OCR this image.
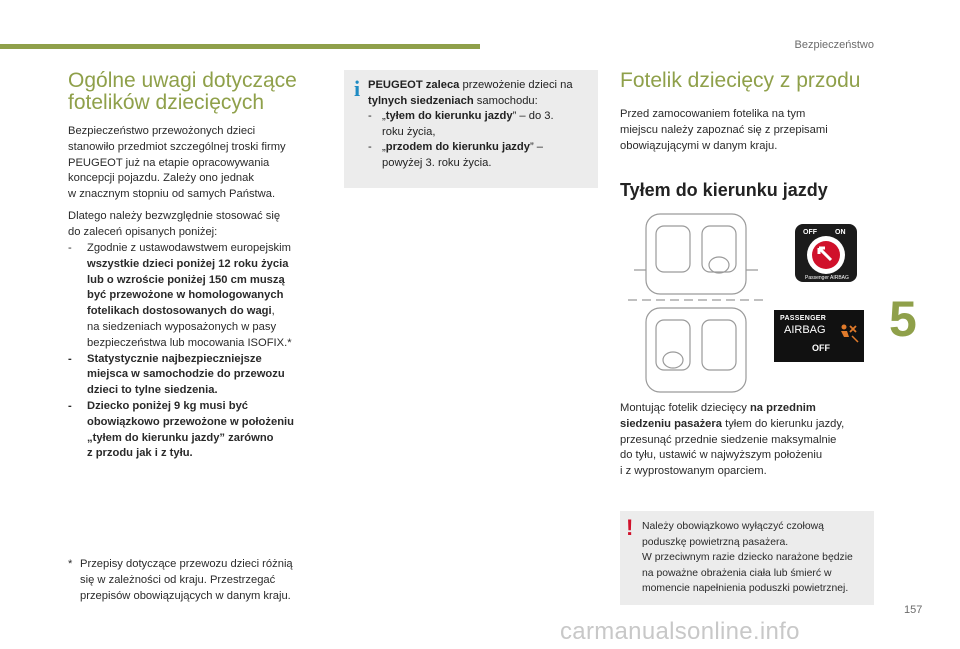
Bezpieczeństwo
5
157
carmanualsonline.info
Ogólne uwagi dotyczące
fotelików dziecięcych

Bezpieczeństwo przewożonych dzieci
stanowiło przedmiot szczególnej troski firmy
PEUGEOT już na etapie opracowywania
koncepcji pojazdu. Zależy ono jednak
w znacznym stopniu od samych Państwa.

Dlatego należy bezwzględnie stosować się
do zaleceń opisanych poniżej:

- Zgodnie z ustawodawstwem europejskim
wszystkie dzieci poniżej 12 roku życia
lub o wzroście poniżej 150 cm muszą
być przewożone w homologowanych
fotelikach dostosowanych do wagi,
na siedzeniach wyposażonych w pasy
bezpieczeństwa lub mocowania ISOFIX.*
- Statystycznie najbezpieczniejsze
miejsca w samochodzie do przewozu
dzieci to tylne siedzenia.
- Dziecko poniżej 9 kg musi być
obowiązkowo przewożone w położeniu
„tyłem do kierunku jazdy” zarówno
z przodu jak i z tyłu.
* Przepisy dotyczące przewozu dzieci różnią
się w zależności od kraju. Przestrzegać
przepisów obowiązujących w danym kraju.
i PEUGEOT zaleca przewożenie dzieci na
tylnych siedzeniach samochodu:
- „tyłem do kierunku jazdy” – do 3.
roku życia,
- „przodem do kierunku jazdy” –
powyżej 3. roku życia.
Fotelik dziecięcy z przodu

Przed zamocowaniem fotelika na tym
miejscu należy zapoznać się z przepisami
obowiązującymi w danym kraju.

Tyłem do kierunku jazdy
OFF	ON
Passenger AIRBAG
PASSENGER
AIRBAG
OFF

Montując fotelik dziecięcy na przednim
siedzeniu pasażera tyłem do kierunku jazdy,
przesunąć przednie siedzenie maksymalnie
do tyłu, ustawić w najwyższym położeniu
i z wyprostowanym oparciem.

! Należy obowiązkowo wyłączyć czołową
poduszkę powietrzną pasażera.
W przeciwnym razie dziecko narażone będzie
na poważne obrażenia ciała lub śmierć w
momencie napełnienia poduszki powietrznej.
